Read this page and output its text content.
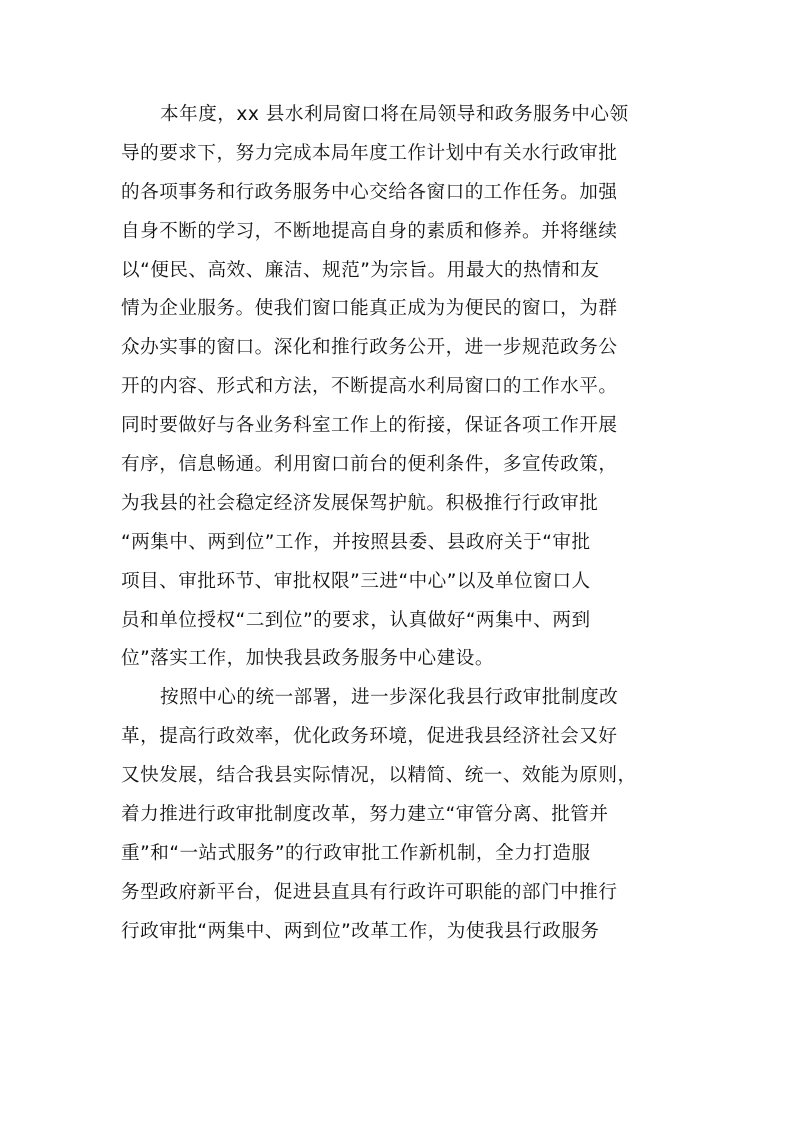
本年度，xx 县水利局窗口将在局领导和政务服务中心领
导的要求下，努力完成本局年度工作计划中有关水行政审批
的各项事务和行政务服务中心交给各窗口的工作任务。加强
自身不断的学习，不断地提高自身的素质和修养。并将继续
以“便民、高效、廉洁、规范”为宗旨。用最大的热情和友
情为企业服务。使我们窗口能真正成为为便民的窗口，为群
众办实事的窗口。深化和推行政务公开，进一步规范政务公
开的内容、形式和方法，不断提高水利局窗口的工作水平。
同时要做好与各业务科室工作上的衔接，保证各项工作开展
有序，信息畅通。利用窗口前台的便利条件，多宣传政策，
为我县的社会稳定经济发展保驾护航。积极推行行政审批
“两集中、两到位”工作，并按照县委、县政府关于“审批
项目、审批环节、审批权限”三进“中心”以及单位窗口人
员和单位授权“二到位”的要求，认真做好“两集中、两到
位”落实工作，加快我县政务服务中心建设。
按照中心的统一部署，进一步深化我县行政审批制度改
革，提高行政效率，优化政务环境，促进我县经济社会又好
又快发展，结合我县实际情况，以精简、统一、效能为原则，
着力推进行政审批制度改革，努力建立“审管分离、批管并
重”和“一站式服务”的行政审批工作新机制，全力打造服
务型政府新平台，促进县直具有行政许可职能的部门中推行
行政审批“两集中、两到位”改革工作，为使我县行政服务
